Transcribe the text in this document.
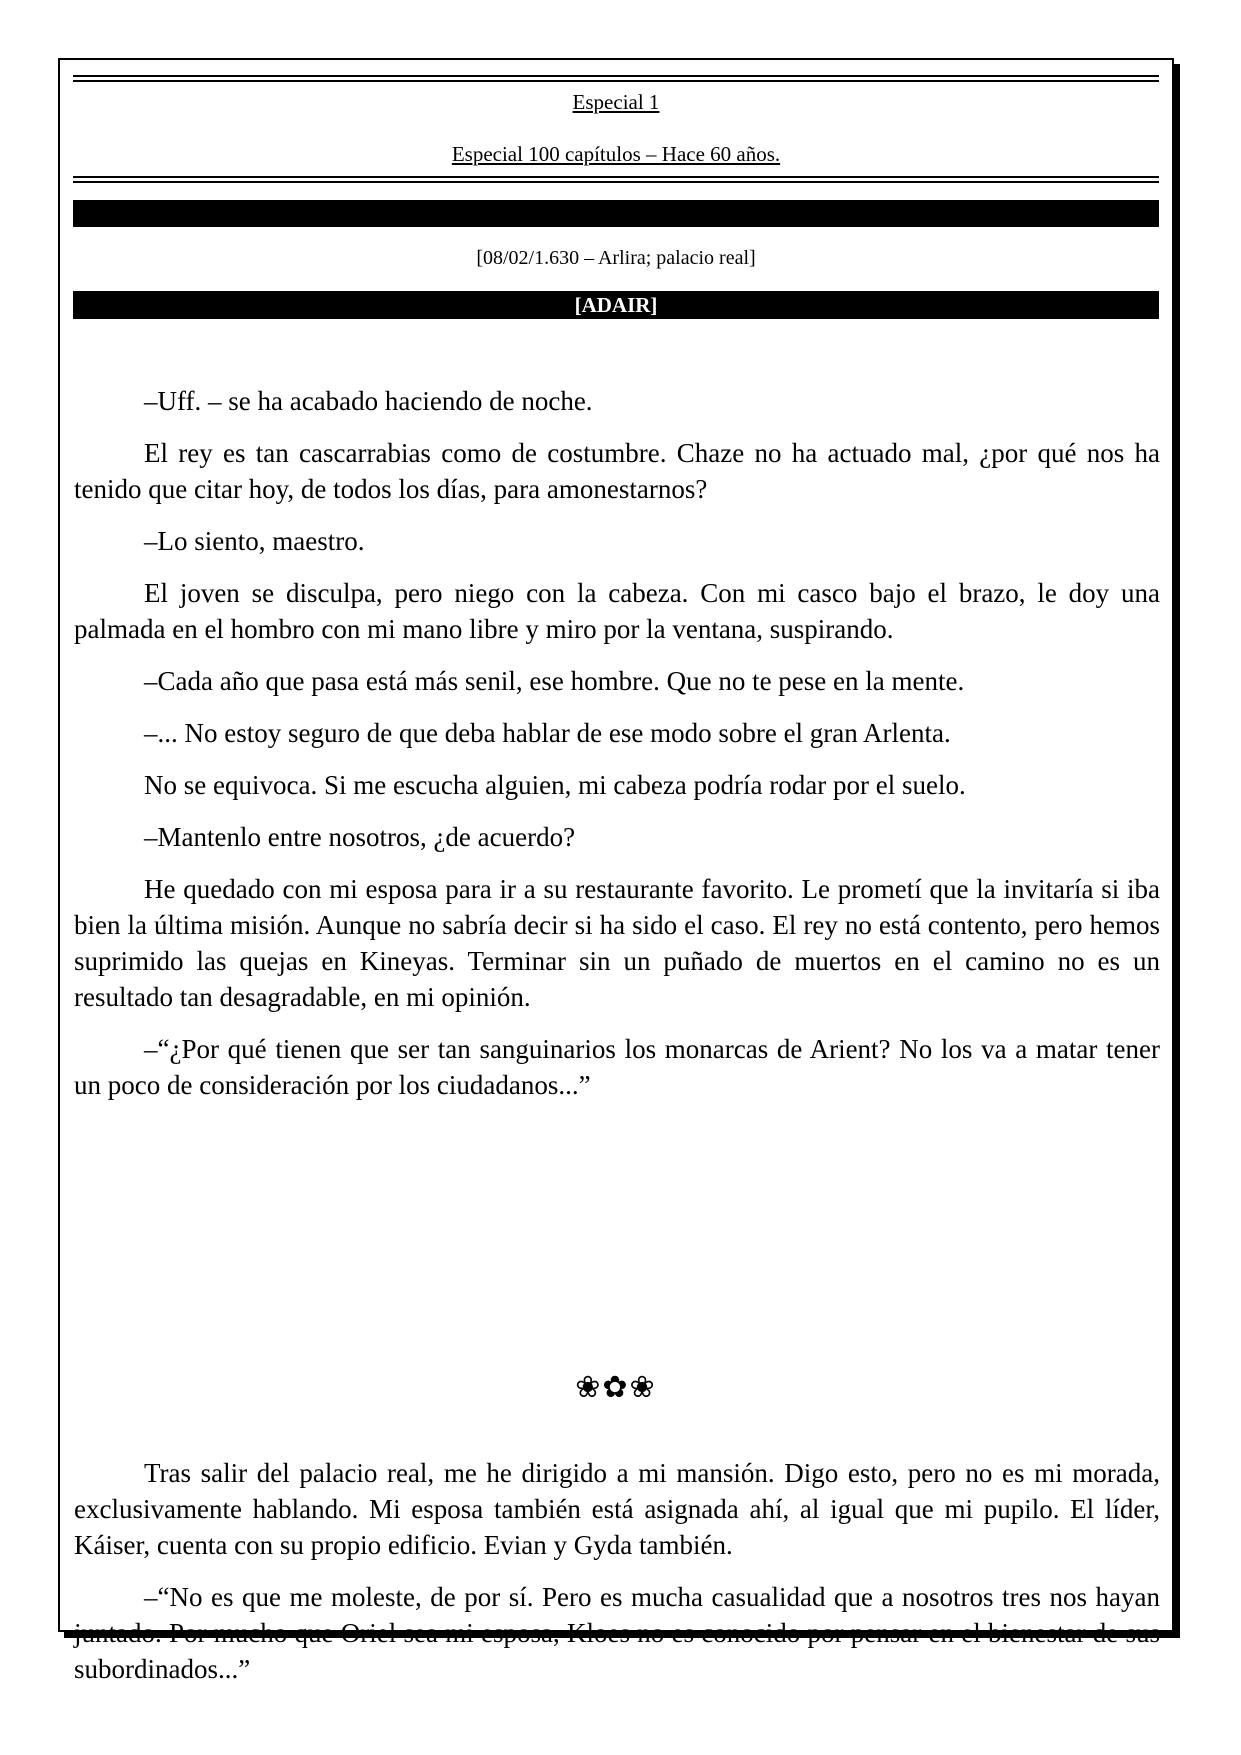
Especial 1
Especial 100 capítulos – Hace 60 años.
[08/02/1.630 – Arlira; palacio real]
[ADAIR]

–Uff. – se ha acabado haciendo de noche.

El rey es tan cascarrabias como de costumbre. Chaze no ha actuado mal, ¿por qué nos ha tenido que citar hoy, de todos los días, para amonestarnos?

–Lo siento, maestro.

El joven se disculpa, pero niego con la cabeza. Con mi casco bajo el brazo, le doy una palmada en el hombro con mi mano libre y miro por la ventana, suspirando.

–Cada año que pasa está más senil, ese hombre. Que no te pese en la mente.

–... No estoy seguro de que deba hablar de ese modo sobre el gran Arlenta.

No se equivoca. Si me escucha alguien, mi cabeza podría rodar por el suelo.

–Mantenlo entre nosotros, ¿de acuerdo?

He quedado con mi esposa para ir a su restaurante favorito. Le prometí que la invitaría si iba bien la última misión. Aunque no sabría decir si ha sido el caso. El rey no está contento, pero hemos suprimido las quejas en Kineyas. Terminar sin un puñado de muertos en el camino no es un resultado tan desagradable, en mi opinión.

–“¿Por qué tienen que ser tan sanguinarios los monarcas de Arient? No los va a matar tener un poco de consideración por los ciudadanos...”

❀✿❀

Tras salir del palacio real, me he dirigido a mi mansión. Digo esto, pero no es mi morada, exclusivamente hablando. Mi esposa también está asignada ahí, al igual que mi pupilo. El líder, Káiser, cuenta con su propio edificio. Evian y Gyda también.

–“No es que me moleste, de por sí. Pero es mucha casualidad que a nosotros tres nos hayan juntado. Por mucho que Oriel sea mi esposa, Kloes no es conocido por pensar en el bienestar de sus subordinados...”
